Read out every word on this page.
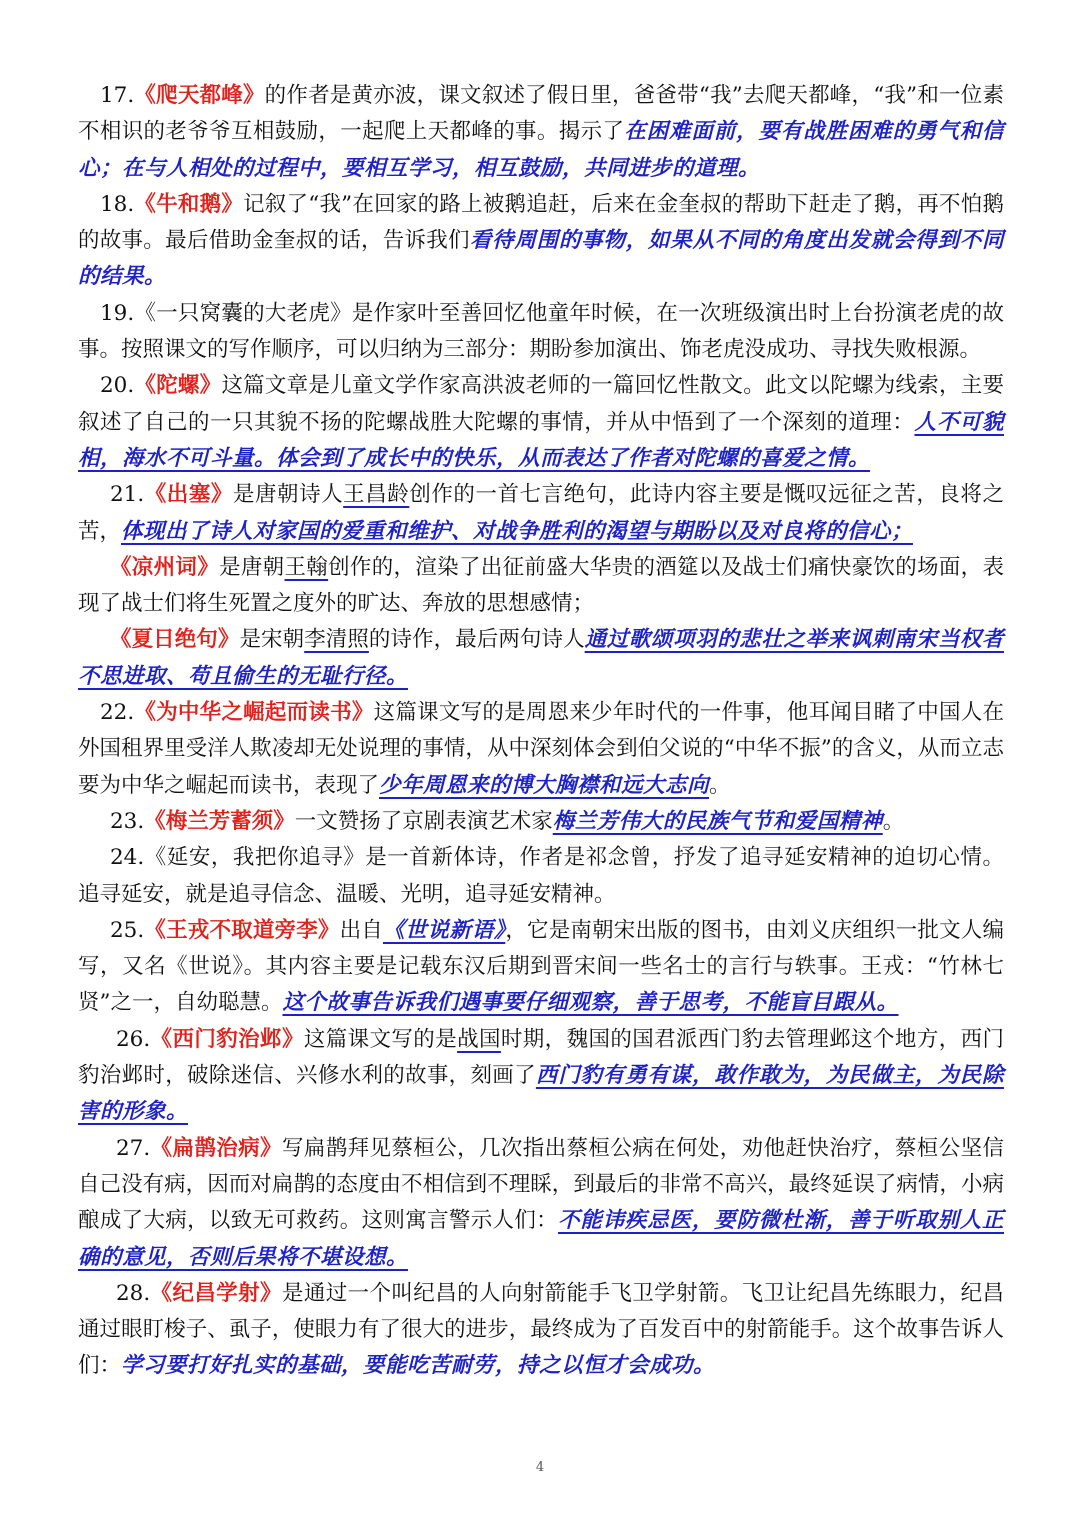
17.《爬天都峰》的作者是黄亦波，课文叙述了假日里，爸爸带“我”去爬天都峰，“我”和一位素不相识的老爷爷互相鼓励，一起爬上天都峰的事。揭示了在困难面前，要有战胜困难的勇气和信心；在与人相处的过程中，要相互学习，相互鼓励，共同进步的道理。

18.《牛和鹅》记叙了“我”在回家的路上被鹅追赶，后来在金奎叔的帮助下赶走了鹅，再不怕鹅的故事。最后借助金奎叔的话，告诉我们看待周围的事物，如果从不同的角度出发就会得到不同的结果。

19.《一只窝囊的大老虎》是作家叶至善回忆他童年时候，在一次班级演出时上台扮演老虎的故事。按照课文的写作顺序，可以归纳为三部分：期盼参加演出、饰老虎没成功、寻找失败根源。

20.《陀螺》这篇文章是儿童文学作家高洪波老师的一篇回忆性散文。此文以陀螺为线索，主要叙述了自己的一只其貌不扬的陀螺战胜大陀螺的事情，并从中悟到了一个深刻的道理：人不可貌相，海水不可斗量。体会到了成长中的快乐，从而表达了作者对陀螺的喜爱之情。

21.《出塞》是唐朝诗人王昌龄创作的一首七言绝句，此诗内容主要是慨叹远征之苦，良将之苦，体现出了诗人对家国的爱重和维护、对战争胜利的渴望与期盼以及对良将的信心；

《凉州词》是唐朝王翰创作的，渲染了出征前盛大华贵的酒筵以及战士们痛快豪饮的场面，表现了战士们将生死置之度外的旷达、奔放的思想感情；

《夏日绝句》是宋朝李清照的诗作，最后两句诗人通过歌颂项羽的悲壮之举来讽刺南宋当权者不思进取、苟且偷生的无耻行径。

22.《为中华之崛起而读书》这篇课文写的是周恩来少年时代的一件事，他耳闻目睹了中国人在外国租界里受洋人欺凌却无处说理的事情，从中深刻体会到伯父说的“中华不振”的含义，从而立志要为中华之崛起而读书，表现了少年周恩来的博大胸襟和远大志向。

23.《梅兰芳蓄须》一文赞扬了京剧表演艺术家梅兰芳伟大的民族气节和爱国精神。

24.《延安，我把你追寻》是一首新体诗，作者是祁念曾，抒发了追寻延安精神的迫切心情。追寻延安，就是追寻信念、温暖、光明，追寻延安精神。

25.《王戎不取道旁李》出自《世说新语》，它是南朝宋出版的图书，由刘义庆组织一批文人编写，又名《世说》。其内容主要是记载东汉后期到晋宋间一些名士的言行与轶事。王戎：“竹林七贤”之一，自幼聪慧。这个故事告诉我们遇事要仔细观察，善于思考，不能盲目跟从。

26.《西门豹治邺》这篇课文写的是战国时期，魏国的国君派西门豹去管理邺这个地方，西门豹治邺时，破除迷信、兴修水利的故事，刻画了西门豹有勇有谋，敢作敢为，为民做主，为民除害的形象。

27.《扁鹊治病》写扁鹊拜见蔡桓公，几次指出蔡桓公病在何处，劝他赶快治疗，蔡桓公坚信自己没有病，因而对扁鹊的态度由不相信到不理睬，到最后的非常不高兴，最终延误了病情，小病酿成了大病，以致无可救药。这则寓言警示人们：不能讳疾忌医，要防微杜渐，善于听取别人正确的意见，否则后果将不堪设想。

28.《纪昌学射》是通过一个叫纪昌的人向射箭能手飞卫学射箭。飞卫让纪昌先练眼力，纪昌通过眼盯梭子、虱子，使眼力有了很大的进步，最终成为了百发百中的射箭能手。这个故事告诉人们：学习要打好扎实的基础，要能吃苦耐劳，持之以恒才会成功。

4
